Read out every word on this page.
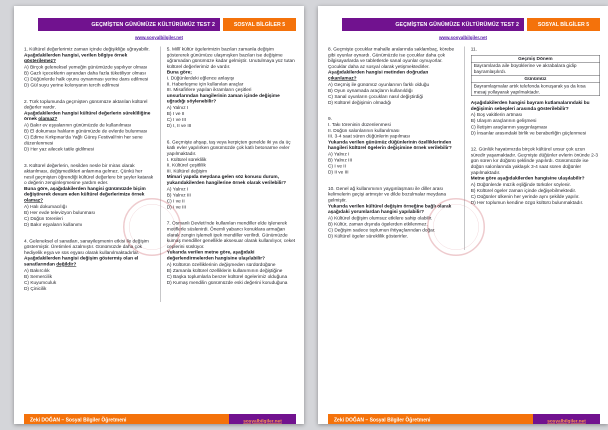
GEÇMİŞTEN GÜNÜMÜZE KÜLTÜRÜMÜZ TEST 2	SOSYAL BİLGİLER 5
www.sosyalbilgiler.net

1. Kültürel değerlerimiz zaman içinde değişikliğe uğrayabilir.

Aşağıdakilerden hangisi, verilen bilgiye örnek gösterilemez?

A) Birçok geleneksel yemeğin günümüzde yapılıyor olması
B) Gazlı içeceklerin ayrandan daha fazla tüketiliyor olması
C) Düğünlerde halk oyunu oynanması yerine dans edilmesi
D) Gül suyu yerine kolonyanın tercih edilmesi

2. Türk toplumunda geçmişten günümüze aktarılan kültürel değerler vardır.

Aşağıdakilerden hangisi kültürel değerlerin sürekliliğine örnek olamaz?

A) Bakır ev eşyalarının günümüzde de kullanılması
B) El dokuması halıların günümüzde de evlerde bulunması
C) Edirne Kırkpınar'da Yağlı Güreş Festivali'nin her sene düzenlenmesi
D) Her yaz ailecek tatile gidilmesi

3. Kültürel değerlerin, nesilden nesle bir miras olarak aktarılması, değişmedikleri anlamına gelmez. Çünkü her nesil geçmişten öğrendiği kültürel değerlere bir şeyler katarak o değerin zenginleşmesine yardım eder.

Buna göre, aşağıdakilerden hangisi günümüzde biçim değiştirerek devam eden kültürel değerlerimize örnek olamaz?

A) Halı dokumacılığı
B) Her evde televizyon bulunması
C) Düğün törenleri
D) Bakır eşyaların kullanımı

4. Geleneksel el sanatları, sanayileşmenin etkisi ile değişim göstermiştir. Üretimleri azalmıştır. Günümüzde daha çok hediyelik eşya ve süs eşyası olarak kullanılmaktadırlar.

Aşağıdakilerden hangisi değişim göstermiş olan el sanatlarından değildir?

A) Bakırcılık
B) Semercilik
C) Kuyumculuk
D) Çinicilik

5. Millî kültür ögelerimizin bazıları zamanla değişim göstererek günümüze ulaşmışken bazıları ise değişime uğramadan günümüze kadar gelmiştir. Unutulmaya yüz tutan kültürel değerlerimiz de vardır.

Buna göre;

I. Düğünlerdeki eğlence anlayışı
II. Haberleşme için kullanılan araçlar
III. Misafirlere yapılan ikramların çeşitleri

unsurlarından hangilerinin zaman içinde değişime uğradığı söylenebilir?

A) Yalnız I
B) I ve II
C) I ve III
D) I, II ve III

6. Geçmişte ahşap, taş veya kerpiçten genelde iki ya da üç katlı evler yapılırken günümüzde çok katlı betonarme evler yapılmaktadır.

I. Kültürel süreklilik
II. Kültürel çeşitlilik
III. Kültürel değişim

Mimari yapıda meydana gelen söz konusu durum, yukarıdakilerden hangilerine örnek olarak verilebilir?

A) Yalnız I
B) Yalnız III
C) I ve II
D) I ve III

7. Osmanlı Devleti'nde kullanılan mendiller elde işlenerek motiflerle süslenirdi. Önemli yabancı konuklara armağan olarak zengin işlemeli ipek mendiller verilirdi. Günümüzde kumaş mendiller genellikle aksesuar olarak kullanılıyor, ceket ceplerini süslüyor.

Yukarıda verilen metne göre, aşağıdaki değerlendirmelerden hangisine ulaşılabilir?

A) Kültürün özelliklerinin değişmeden sürdürdüğüne
B) Zamanla kültürel özelliklerin kullanımının değiştiğine
C) Başka toplumlarla benzer kültürel ögelerimiz olduğuna
D) Kumaş mendilin günümüzde eski değerini koruduğuna
Zeki DOĞAN – Sosyal Bilgiler Öğretmeni	sosyalbilgiler.net
GEÇMİŞTEN GÜNÜMÜZE KÜLTÜRÜMÜZ TEST 2	SOSYAL BİLGİLER 5
www.sosyalbilgiler.net

8. Geçmişte çocuklar mahalle aralarında saklambaç, körebe gibi oyunlar oynardı. Günümüzde ise çocuklar daha çok bilgisayarlarda ve tabletlerde sanal oyunlar oynuyorlar. Çocuklar daha az sosyal olarak yetişmektedirler.

Aşağıdakilerden hangisi metinden doğrudan çıkarılamaz?

A) Geçmiş ile günümüz oyunlarının farklı olduğu
B) Oyun oynamada araçların kullanıldığı
C) Sanal oyunların çocukları nasıl değiştirdiği
D) Kültürel değişimin olmadığı

9.

I. Takı töreninin düzenlenmesi
II. Düğün salonlarının kullanılması
III. 3-4 saat süren düğünlerin yapılması

Yukarıda verilen günümüz düğünlerinin özelliklerinden hangileri kültürel ögelerin değişimine örnek verilebilir?

A) Yalnız I
B) Yalnız III
C) I ve II
D) II ve III

10. Genel ağ kullanımının yaygınlaşması ile diller arası kelimelerin geçişi artmıştır ve dilde bozulmalar meydana gelmiştir.

Yukarıda verilen kültürel değişim örneğine bağlı olarak aşağıdaki yorumlardan hangisi yapılabilir?

A) Kültürel değişim olumsuz etkilere sahip olabilir.
B) Kültür, zaman dışında ögelerden etkilenmez.
C) Değişim sadece toplumun ihtiyaçlarından doğar.
D) Kültürel ögeler süreklilik gösterirler.

11.

Geçmiş Dönem
Bayramlarda aile büyüklerine ve akrabalara gidip bayramlaşılırdı.
Günümüz
Bayramlaşmalar artık telefonda konuşarak ya da kısa mesaj yollayarak yapılmaktadır.

Aşağıdakilerden hangisi bayram kutlamalarındaki bu değişimin sebepleri arasında gösterilebilir?

A) Boş vakitlerin artması
B) Ulaşım araçlarının gelişmesi
C) İletişim araçlarının yaygınlaşması
D) İnsanlar arasındaki birlik ve beraberliğin güçlenmesi

12. Günlük hayatımızda birçok kültürel unsur çok uzun süredir yaşamaktadır. Geçmişte düğünler evlerin önünde 2-3 gün süren kır düğünü şeklinde yapılırdı. Günümüzde ise düğün salonlarında yaklaşık 3-4 saat süren düğünler yapılmaktadır.

Metne göre aşağıdakilerden hangisine ulaşılabilir?

A) Düğünlerde müzik eşliğinde türküler söylenir.
B) Kültürel ögeler zaman içinde değişebilmektedir.
C) Düğünler ülkenin her yerinde aynı şekilde yapılır.
D) Her toplumun kendine özgü kültürü bulunmaktadır.
Zeki DOĞAN – Sosyal Bilgiler Öğretmeni	sosyalbilgiler.net
